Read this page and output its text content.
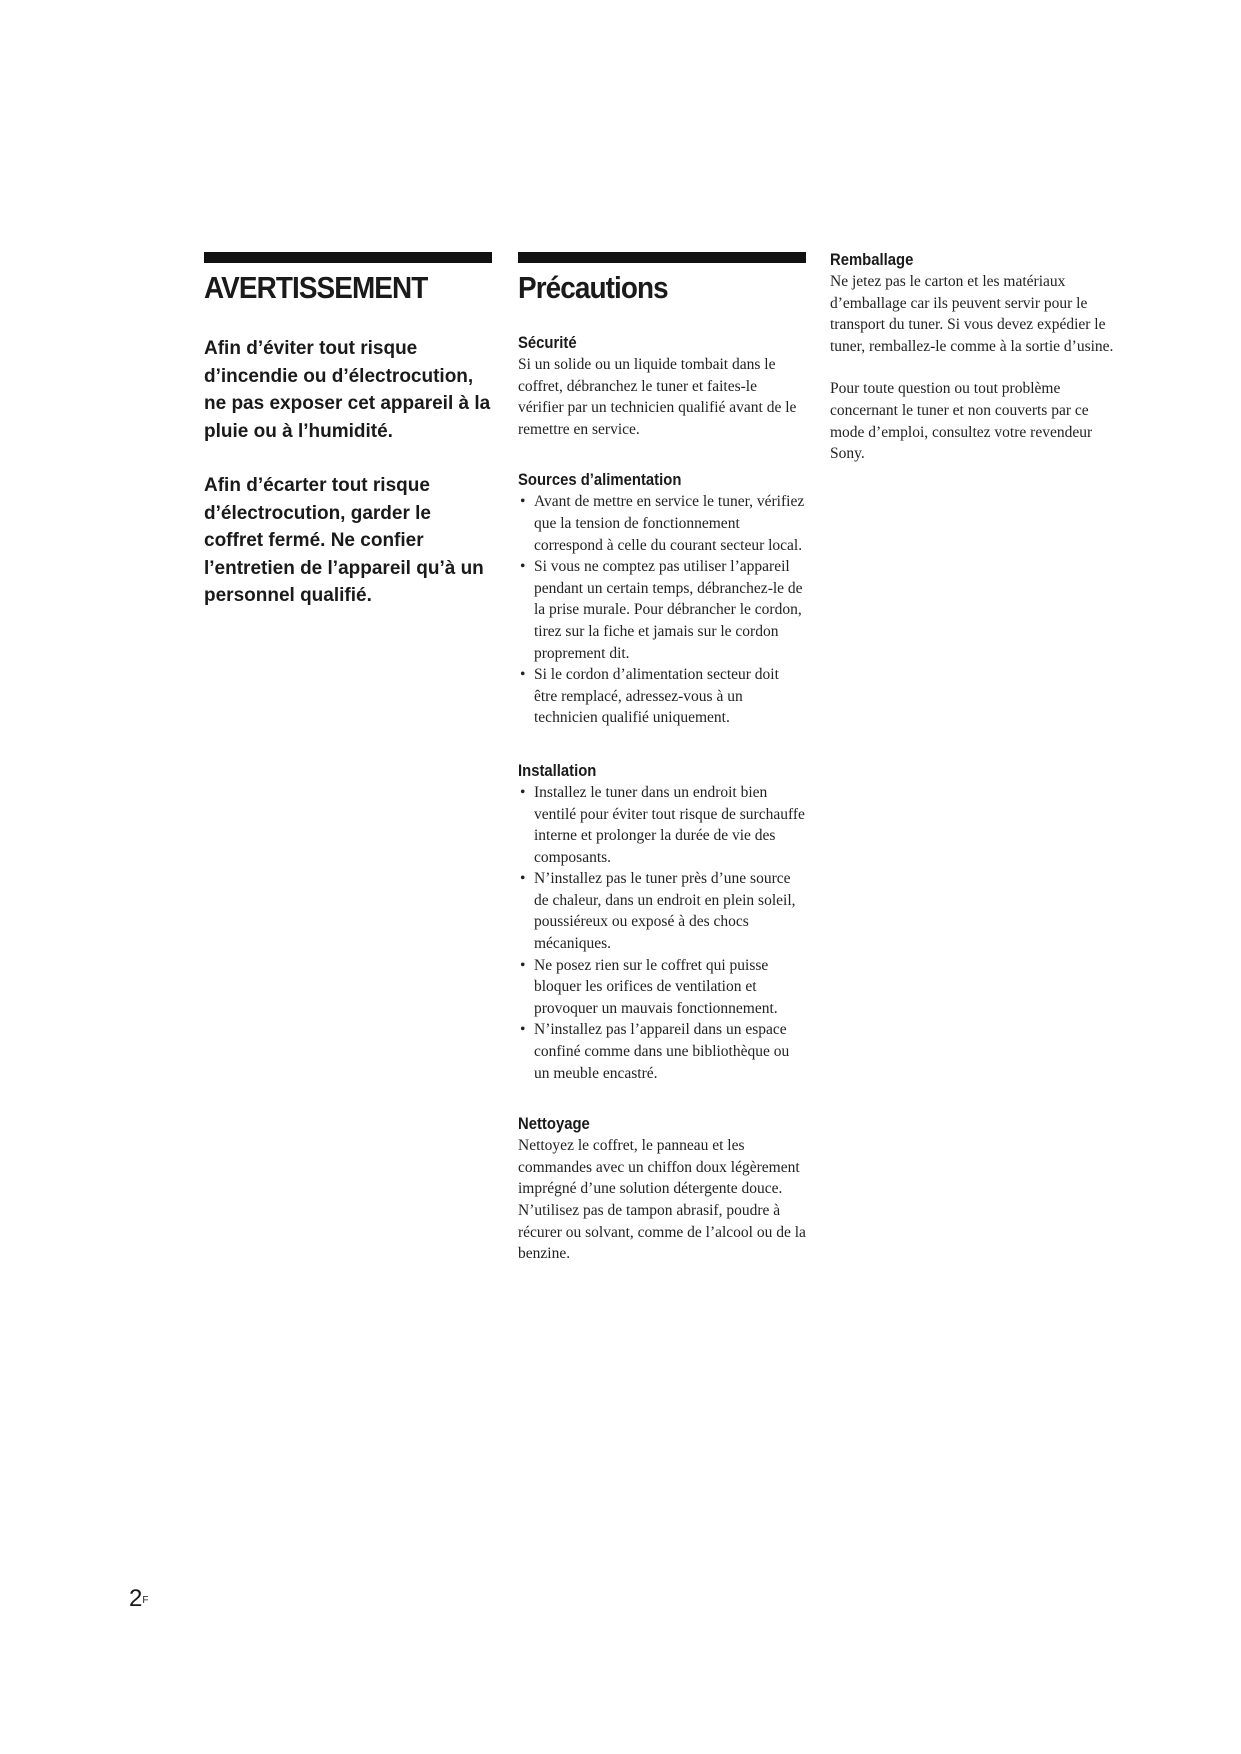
AVERTISSEMENT

Afin d’éviter tout risque d’incendie ou d’électrocution, ne pas exposer cet appareil à la pluie ou à l’humidité.

Afin d’écarter tout risque d’électrocution, garder le coffret fermé. Ne confier l’entretien de l’appareil qu’à un personnel qualifié.

Précautions
Sécurité

Si un solide ou un liquide tombait dans le coffret, débranchez le tuner et faites-le vérifier par un technicien qualifié avant de le remettre en service.

Sources d’alimentation
• Avant de mettre en service le tuner, vérifiez que la tension de fonctionnement correspond à celle du courant secteur local.
• Si vous ne comptez pas utiliser l’appareil pendant un certain temps, débranchez-le de la prise murale. Pour débrancher le cordon, tirez sur la fiche et jamais sur le cordon proprement dit.
• Si le cordon d’alimentation secteur doit être remplacé, adressez-vous à un technicien qualifié uniquement.
Installation
• Installez le tuner dans un endroit bien ventilé pour éviter tout risque de surchauffe interne et prolonger la durée de vie des composants.
• N’installez pas le tuner près d’une source de chaleur, dans un endroit en plein soleil, poussiéreux ou exposé à des chocs mécaniques.
• Ne posez rien sur le coffret qui puisse bloquer les orifices de ventilation et provoquer un mauvais fonctionnement.
• N’installez pas l’appareil dans un espace confiné comme dans une bibliothèque ou un meuble encastré.
Nettoyage

Nettoyez le coffret, le panneau et les commandes avec un chiffon doux légèrement imprégné d’une solution détergente douce. N’utilisez pas de tampon abrasif, poudre à récurer ou solvant, comme de l’alcool ou de la benzine.

Remballage

Ne jetez pas le carton et les matériaux d’emballage car ils peuvent servir pour le transport du tuner. Si vous devez expédier le tuner, remballez-le comme à la sortie d’usine.

Pour toute question ou tout problème concernant le tuner et non couverts par ce mode d’emploi, consultez votre revendeur Sony.

$2^F$
